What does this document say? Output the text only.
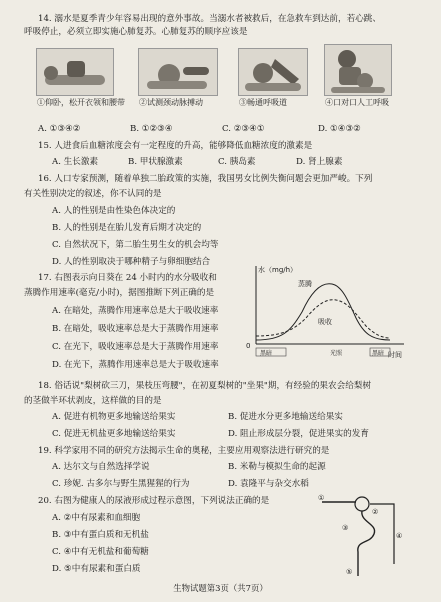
14. 溺水是夏季青少年容易出现的意外事故。当溺水者被救后，在急救车到达前，若心跳、
呼吸停止，必须立即实施心肺复苏。心肺复苏的顺序应该是
①仰卧，松开衣领和腰带 ②试测颈动脉搏动	③畅通呼吸道	④口对口人工呼吸
A. ①③④②	B. ①②③④	C. ②③④①	D. ①④③②
15. 人进食后血糖浓度会有一定程度的升高，能够降低血糖浓度的激素是
A. 生长激素	B. 甲状腺激素	C. 胰岛素	D. 肾上腺素
16. 人口专家预测，随着单独二胎政策的实施，我国男女比例失衡问题会更加严峻。下列
有关性别决定的叙述，你不认同的是
A. 人的性别是由性染色体决定的
B. 人的性别是在胎儿发育后期才决定的
C. 自然状况下，第二胎生男生女的机会均等
D. 人的性别取决于哪种精子与卵细胞结合
17. 右图表示向日葵在 24 小时内的水分吸收和
蒸腾作用速率(毫克/小时)，据图推断下列正确的是
A. 在暗处，蒸腾作用速率总是大于吸收速率
B. 在暗处，吸收速率总是大于蒸腾作用速率
C. 在光下，吸收速率总是大于蒸腾作用速率
D. 在光下，蒸腾作用速率总是大于吸收速率
水（mg/h）
0
时间
蒸腾
吸收
黑暗	光照	黑暗
18. 俗话说"梨树砍三刀，果枝压弯腰"，在初夏梨树的"坐果"期，有经验的果农会给梨树
的茎做半环状剥皮，这样做的目的是
A. 促进有机物更多地输送给果实	B. 促进水分更多地输送给果实
C. 促进无机盐更多地输送给果实	D. 阻止形成层分裂，促进果实的发育
19. 科学家用不同的研究方法揭示生命的奥秘，主要应用观察法进行研究的是
A. 达尔文与自然选择学说	B. 米勒与模拟生命的起源
C. 珍妮. 古多尔与野生黑猩猩的行为	D. 袁隆平与杂交水稻
20. 右图为健康人的尿液形成过程示意图，下列说法正确的是
A. ②中有尿素和血细胞
B. ③中有蛋白质和无机盐
C. ④中有无机盐和葡萄糖
D. ⑤中有尿素和蛋白质
①
②
③
④
⑤
生物试题第3页（共7页）
